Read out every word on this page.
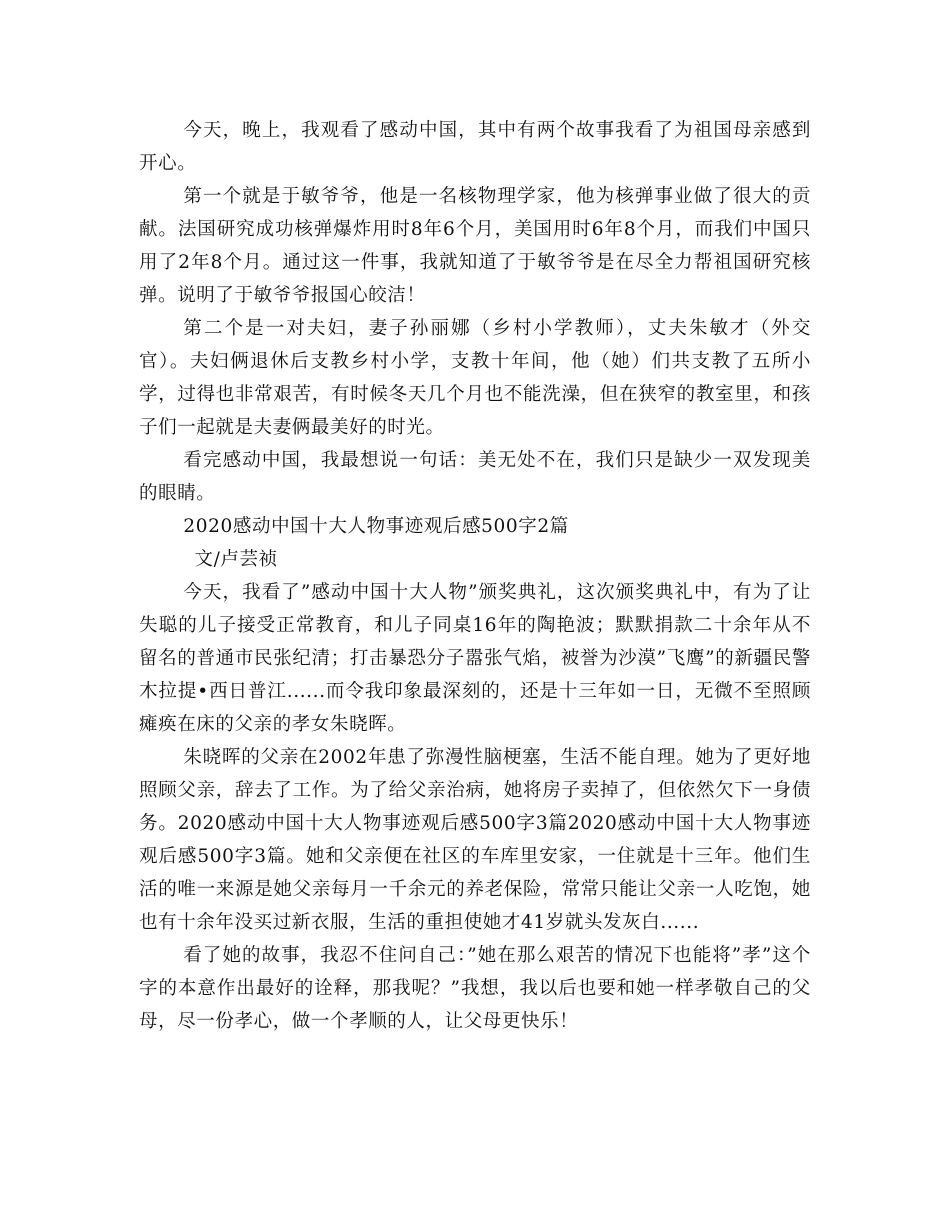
今天，晚上，我观看了感动中国，其中有两个故事我看了为祖国母亲感到开心。

第一个就是于敏爷爷，他是一名核物理学家，他为核弹事业做了很大的贡献。法国研究成功核弹爆炸用时8年6个月，美国用时6年8个月，而我们中国只用了2年8个月。通过这一件事，我就知道了于敏爷爷是在尽全力帮祖国研究核弹。说明了于敏爷爷报国心皎洁！

第二个是一对夫妇，妻子孙丽娜（乡村小学教师），丈夫朱敏才（外交官）。夫妇俩退休后支教乡村小学，支教十年间，他（她）们共支教了五所小学，过得也非常艰苦，有时候冬天几个月也不能洗澡，但在狭窄的教室里，和孩子们一起就是夫妻俩最美好的时光。

看完感动中国，我最想说一句话：美无处不在，我们只是缺少一双发现美的眼睛。

2020感动中国十大人物事迹观后感500字2篇

文/卢芸祯

今天，我看了”感动中国十大人物”颁奖典礼，这次颁奖典礼中，有为了让失聪的儿子接受正常教育，和儿子同桌16年的陶艳波；默默捐款二十余年从不留名的普通市民张纪清；打击暴恐分子嚣张气焰，被誉为沙漠”飞鹰”的新疆民警木拉提•西日普江......而令我印象最深刻的，还是十三年如一日，无微不至照顾瘫痪在床的父亲的孝女朱晓晖。

朱晓晖的父亲在2002年患了弥漫性脑梗塞，生活不能自理。她为了更好地照顾父亲，辞去了工作。为了给父亲治病，她将房子卖掉了，但依然欠下一身债务。2020感动中国十大人物事迹观后感500字3篇2020感动中国十大人物事迹观后感500字3篇。她和父亲便在社区的车库里安家，一住就是十三年。他们生活的唯一来源是她父亲每月一千余元的养老保险，常常只能让父亲一人吃饱，她也有十余年没买过新衣服，生活的重担使她才41岁就头发灰白......

看了她的故事，我忍不住问自己：”她在那么艰苦的情况下也能将”孝”这个字的本意作出最好的诠释，那我呢？”我想，我以后也要和她一样孝敬自己的父母，尽一份孝心，做一个孝顺的人，让父母更快乐！
